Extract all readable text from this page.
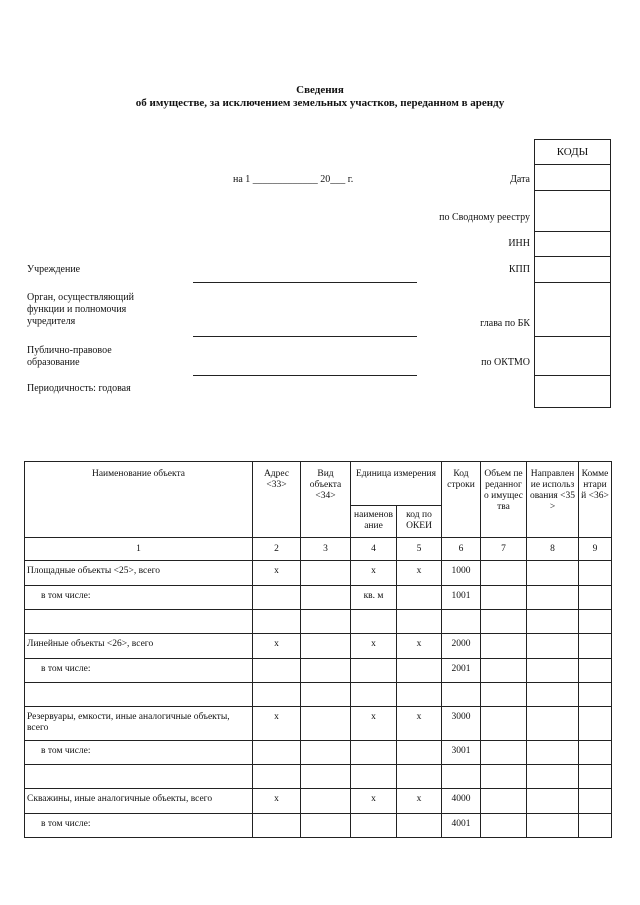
Сведения
об имуществе, за исключением земельных участков, переданном в аренду
на 1 _____________ 20___ г.	Дата
по Сводному реестру
ИНН
КПП
глава по БК
по ОКТМО
КОДЫ

Учреждение
Орган, осуществляющий
функции и полномочия
учредителя
Публично-правовое
образование
Периодичность: годовая
Наименование объекта	Адрес <33>	Вид объекта <34>	Единица измерения		Код строки	Объем переданного имущества	Направление использования <35>	Комментарий <36>
			наименование	код по ОКЕИ				
1	2	3	4	5	6	7	8	9
Площадные объекты <25>, всего	x		x	x	1000			
в том числе:			кв. м		1001			

Линейные объекты <26>, всего	x		x	x	2000			
в том числе:					2001			

Резервуары, емкости, иные аналогичные объекты, всего	x		x	x	3000			
в том числе:					3001			

Скважины, иные аналогичные объекты, всего	x		x	x	4000			
в том числе:					4001			
